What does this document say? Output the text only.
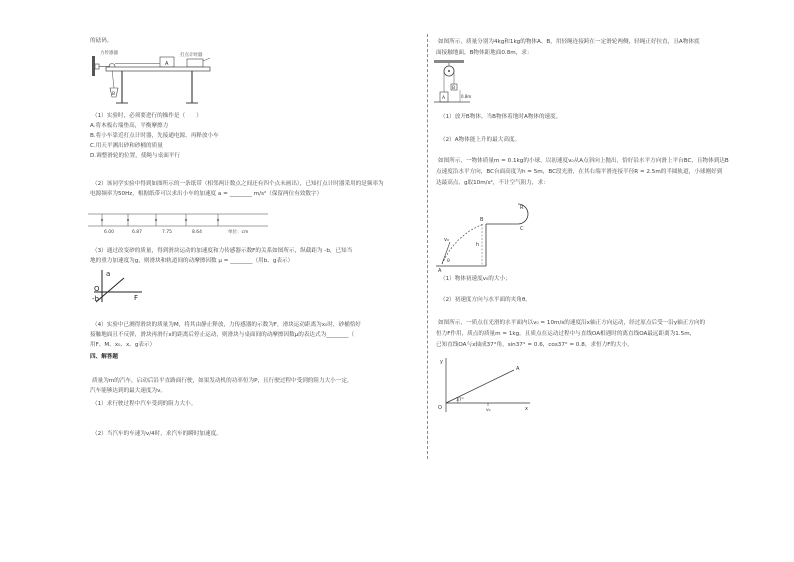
的砝码。
力传感器	打点计时器
A
B
（1）实验时，必须要进行的操作是（　　）
A.将木板右端垫高，平衡摩擦力
B.将小车靠近打点计时器，先接通电源，再释放小车
C.用天平测出砂和砂桶的质量
D.调整滑轮的位置，使绳与桌面平行
（2）该同学实验中得到如图所示的一条纸带（相邻两计数点之间还有四个点未画出），已知打点计时器采用的是频率为
电源频率为50Hz，根据纸带可以求出小车的加速度 a = ________ m/s²（保留两位有效数字）
6.00	6.87	7.75	8.64	单位：cm
（3）通过改变砂的质量，得到滑块运动的加速度和力传感器示数F的关系如图所示，纵截距为 -b，已知当
地的重力加速度为g，则滑块和轨道间的动摩擦因数 μ = ________（用b、g表示）
a
F
O
-b
（4）实验中已测得滑块的质量为M，将其由静止释放，力传感器的示数为F，滑块运动距离为x₀时，砂桶恰好
接触地面且不反弹，滑块再滑行x的距离后停止运动，则滑块与桌面间的动摩擦因数μ的表达式为________（
用F、M、x₀、x、g表示）
四、解答题
质量为m的汽车，启动后沿平直路面行驶，如果发动机的功率恒为P，且行驶过程中受到的阻力大小一定，
汽车能够达到的最大速度为v。
（1）求行驶过程中汽车受到的阻力大小。
（2）当汽车的车速为v/4时，求汽车的瞬时加速度。
如图所示，质量分别为4kg和1kg的物体A、B，用轻绳连接跨在一定滑轮两侧，轻绳正好拉直，且A物体底
面接触地面，B物体距地面0.8m，求：
B
A	0.8m
（1）放开B物体，当B物体着地时A物体的速度。
（2）A物体能上升的最大高度。
如图所示，一物体质量m = 0.1kg的小球，以初速度v₀从A点斜向上抛出，恰好沿水平方向滑上平台BC，且物体到达B
点速度沿水平方向，BC台面高度为h = 5m，BC段光滑，在其右端平滑连接半径R = 2.5m的半圆轨道，小球刚好到
达最高点，g取10m/s²，不计空气阻力，求：
R
B
C
h
A
v₀
θ
（1）物体初速度v₀的大小；
（2）初速度方向与水平面的夹角θ。
如图所示，一质点在光滑的水平面内以v₀ = 10m/s的速度沿x轴正方向运动，经过原点后受一沿y轴正方向的
恒力F作用，质点的质量m = 1kg。且质点在运动过程中与直线OA相遇时的离直线OA最远距离为1.5m，
已知直线OA与x轴成37°角，sin37° = 0.6，cos37° = 0.8，求恒力F的大小。
y
x
O
A
37°
v₀
